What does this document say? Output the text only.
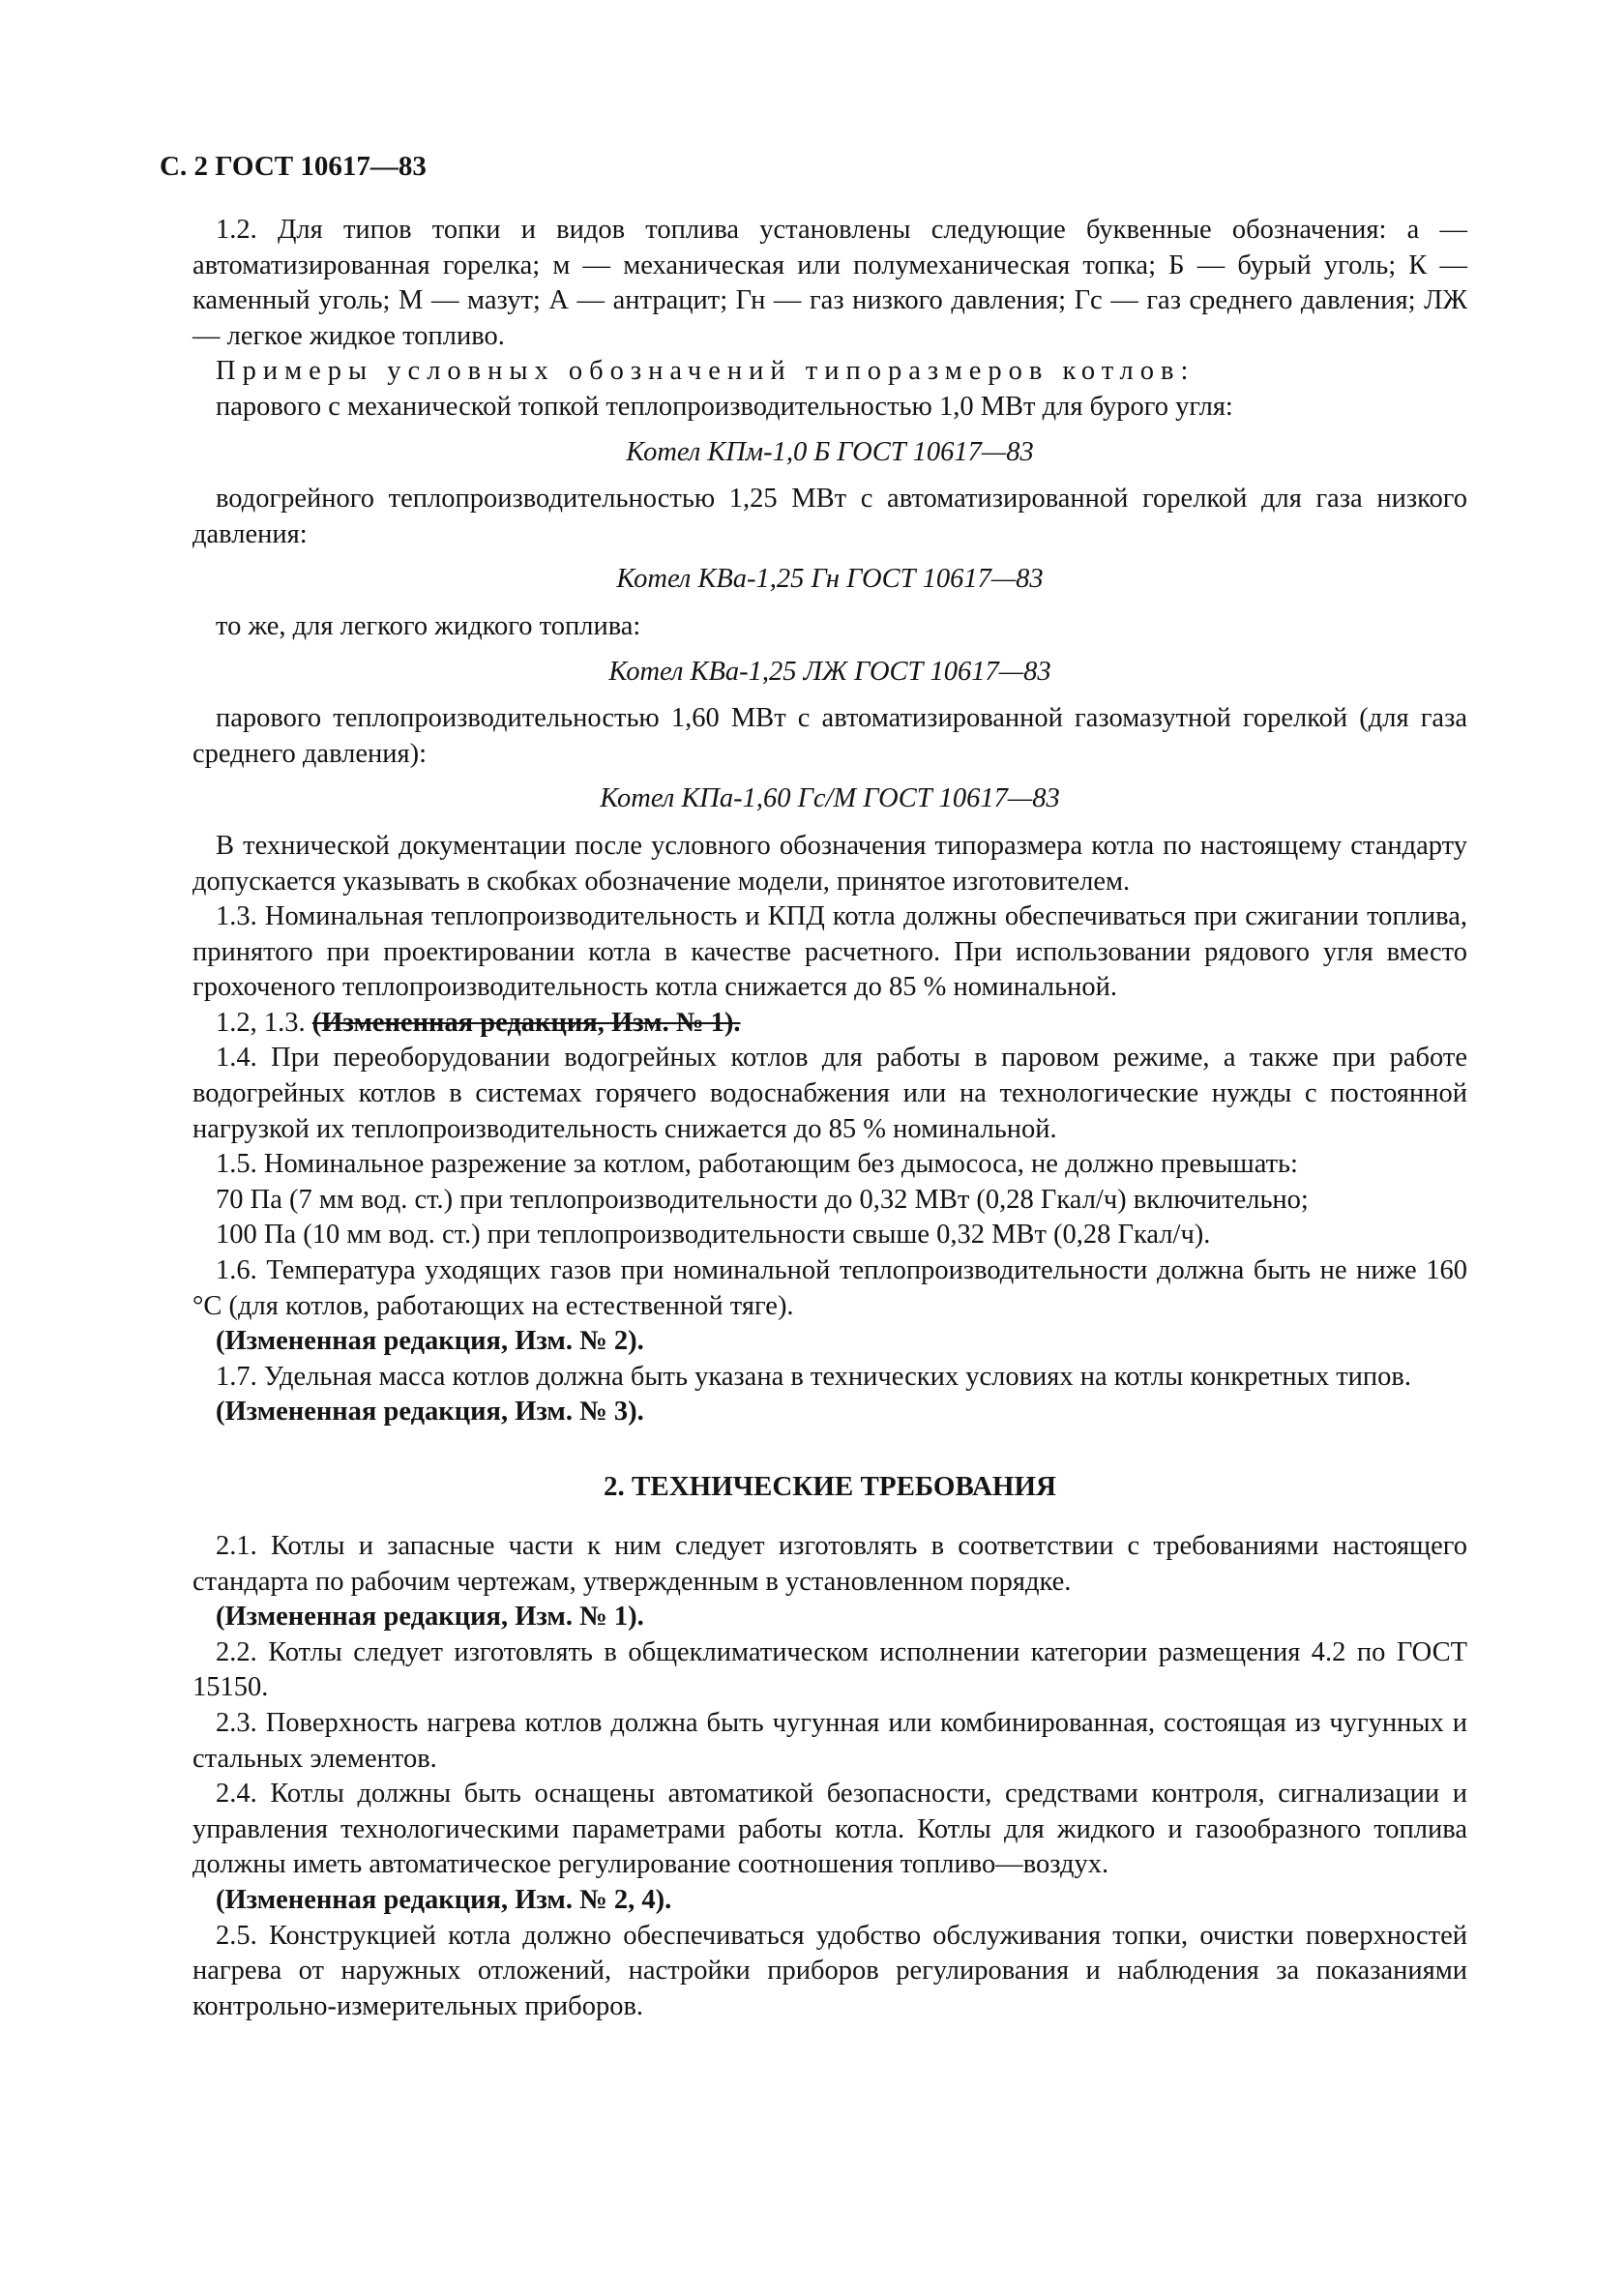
С. 2 ГОСТ 10617—83

1.2. Для типов топки и видов топлива установлены следующие буквенные обозначения: а — автоматизированная горелка; м — механическая или полумеханическая топка; Б — бурый уголь; К — каменный уголь; М — мазут; А — антрацит; Гн — газ низкого давления; Гс — газ среднего давления; ЛЖ — легкое жидкое топливо.

Примеры условных обозначений типоразмеров котлов:

парового с механической топкой теплопроизводительностью 1,0 МВт для бурого угля:

Котел КПм-1,0 Б ГОСТ 10617—83

водогрейного теплопроизводительностью 1,25 МВт с автоматизированной горелкой для газа низкого давления:

Котел КВа-1,25 Гн ГОСТ 10617—83

то же, для легкого жидкого топлива:

Котел КВа-1,25 ЛЖ ГОСТ 10617—83

парового теплопроизводительностью 1,60 МВт с автоматизированной газомазутной горелкой (для газа среднего давления):

Котел КПа-1,60 Гс/М ГОСТ 10617—83

В технической документации после условного обозначения типоразмера котла по настоящему стандарту допускается указывать в скобках обозначение модели, принятое изготовителем.

1.3. Номинальная теплопроизводительность и КПД котла должны обеспечиваться при сжигании топлива, принятого при проектировании котла в качестве расчетного. При использовании рядового угля вместо грохоченого теплопроизводительность котла снижается до 85 % номинальной.

1.2, 1.3. (Измененная редакция, Изм. № 1).

1.4. При переоборудовании водогрейных котлов для работы в паровом режиме, а также при работе водогрейных котлов в системах горячего водоснабжения или на технологические нужды с постоянной нагрузкой их теплопроизводительность снижается до 85 % номинальной.

1.5. Номинальное разрежение за котлом, работающим без дымососа, не должно превышать:

70 Па (7 мм вод. ст.) при теплопроизводительности до 0,32 МВт (0,28 Гкал/ч) включительно;

100 Па (10 мм вод. ст.) при теплопроизводительности свыше 0,32 МВт (0,28 Гкал/ч).

1.6. Температура уходящих газов при номинальной теплопроизводительности должна быть не ниже 160 °С (для котлов, работающих на естественной тяге).

(Измененная редакция, Изм. № 2).

1.7. Удельная масса котлов должна быть указана в технических условиях на котлы конкретных типов.

(Измененная редакция, Изм. № 3).

2. ТЕХНИЧЕСКИЕ ТРЕБОВАНИЯ

2.1. Котлы и запасные части к ним следует изготовлять в соответствии с требованиями настоящего стандарта по рабочим чертежам, утвержденным в установленном порядке.

(Измененная редакция, Изм. № 1).

2.2. Котлы следует изготовлять в общеклиматическом исполнении категории размещения 4.2 по ГОСТ 15150.

2.3. Поверхность нагрева котлов должна быть чугунная или комбинированная, состоящая из чугунных и стальных элементов.

2.4. Котлы должны быть оснащены автоматикой безопасности, средствами контроля, сигнализации и управления технологическими параметрами работы котла. Котлы для жидкого и газообразного топлива должны иметь автоматическое регулирование соотношения топливо—воздух.

(Измененная редакция, Изм. № 2, 4).

2.5. Конструкцией котла должно обеспечиваться удобство обслуживания топки, очистки поверхностей нагрева от наружных отложений, настройки приборов регулирования и наблюдения за показаниями контрольно-измерительных приборов.
